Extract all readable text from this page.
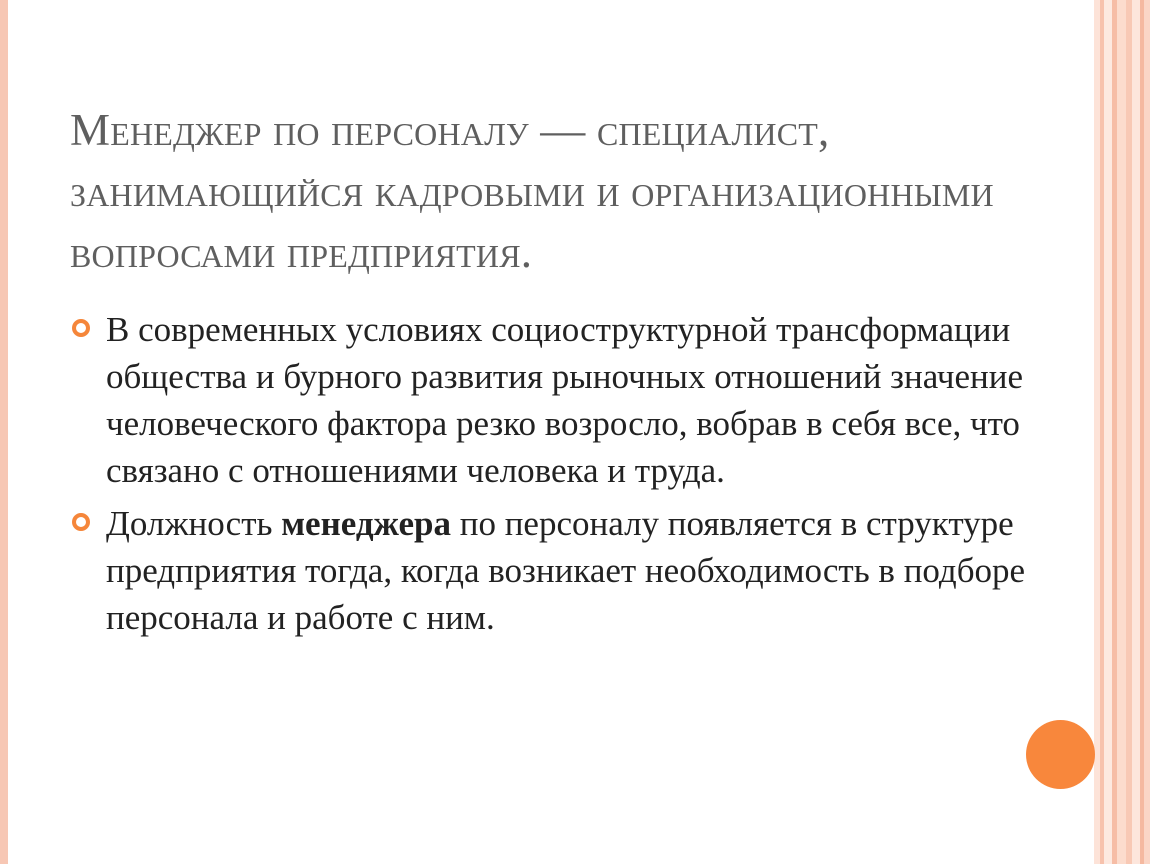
Менеджер по персоналу — специалист, занимающийся кадровыми и организационными вопросами предприятия.
В современных условиях социоструктурной трансформации общества и бурного развития рыночных отношений значение человеческого фактора резко возросло, вобрав в себя все, что связано с отношениями человека и труда.
Должность менеджера по персоналу появляется в структуре предприятия тогда, когда возникает необходимость в подборе персонала и работе с ним.
